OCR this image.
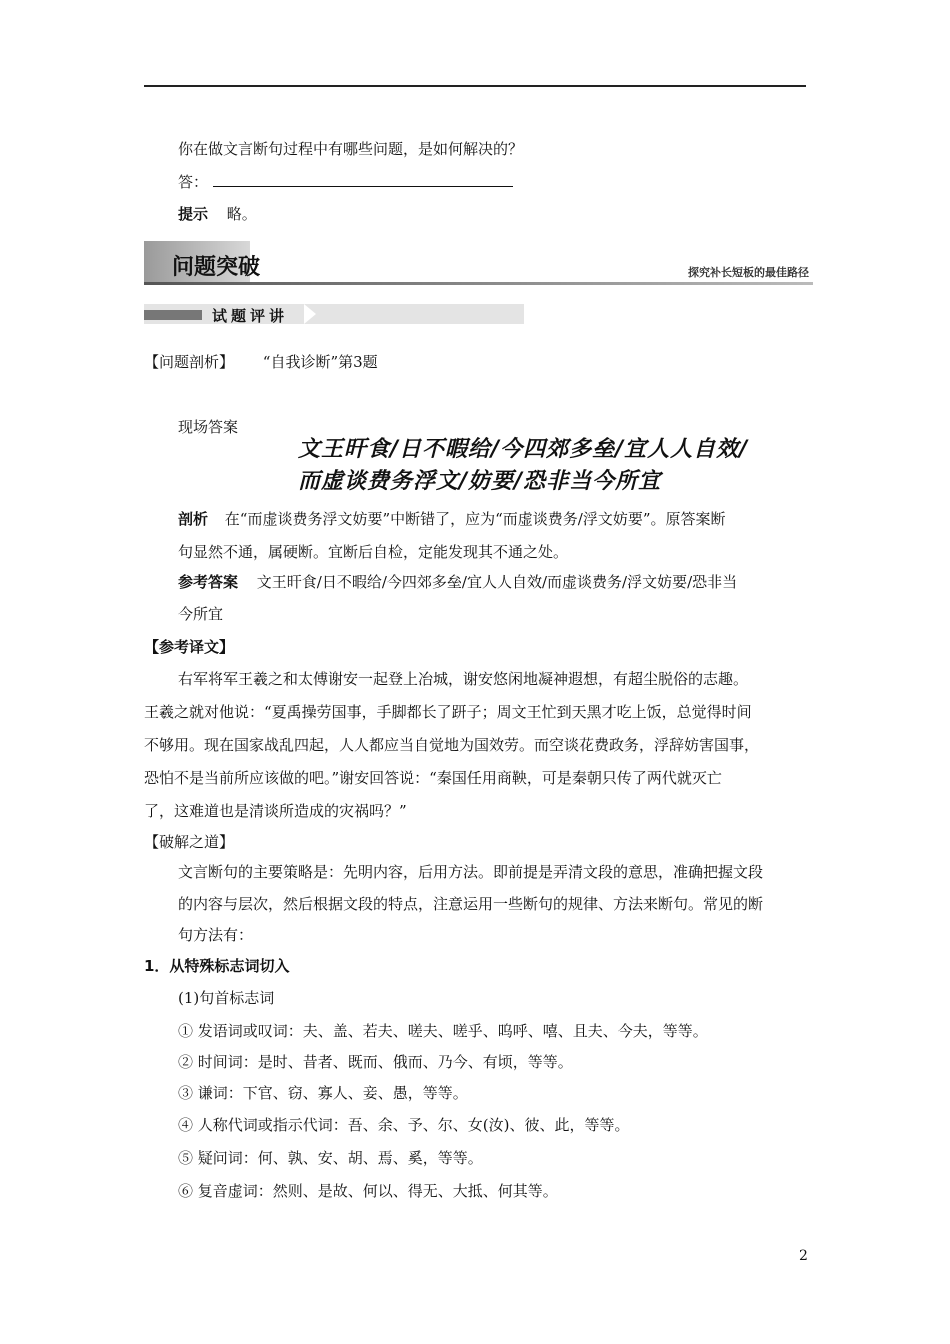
你在做文言断句过程中有哪些问题，是如何解决的？
答：
提示 略。
问题突破	探究补长短板的最佳路径
试题评讲
【问题剖析】 “自我诊断”第3题
现场答案
文王旰食/日不暇给/今四郊多垒/宜人人自效/
而虚谈费务浮文/妨要/恐非当今所宜
剖析 在“而虚谈费务浮文妨要”中断错了，应为“而虚谈费务/浮文妨要”。原答案断
句显然不通，属硬断。宜断后自检，定能发现其不通之处。
参考答案 文王旰食/日不暇给/今四郊多垒/宜人人自效/而虚谈费务/浮文妨要/恐非当
今所宜
【参考译文】
右军将军王羲之和太傅谢安一起登上冶城，谢安悠闲地凝神遐想，有超尘脱俗的志趣。
王羲之就对他说：“夏禹操劳国事，手脚都长了趼子；周文王忙到天黑才吃上饭，总觉得时间
不够用。现在国家战乱四起，人人都应当自觉地为国效劳。而空谈花费政务，浮辞妨害国事，
恐怕不是当前所应该做的吧。”谢安回答说：“秦国任用商鞅，可是秦朝只传了两代就灭亡
了，这难道也是清谈所造成的灾祸吗？”
【破解之道】
文言断句的主要策略是：先明内容，后用方法。即前提是弄清文段的意思，准确把握文段
的内容与层次，然后根据文段的特点，注意运用一些断句的规律、方法来断句。常见的断
句方法有：
1．从特殊标志词切入
(1)句首标志词
① 发语词或叹词：夫、盖、若夫、嗟夫、嗟乎、呜呼、嘻、且夫、今夫，等等。
② 时间词：是时、昔者、既而、俄而、乃今、有顷，等等。
③ 谦词：下官、窃、寡人、妾、愚，等等。
④ 人称代词或指示代词：吾、余、予、尔、女(汝)、彼、此，等等。
⑤ 疑问词：何、孰、安、胡、焉、奚，等等。
⑥ 复音虚词：然则、是故、何以、得无、大抵、何其等。
2
